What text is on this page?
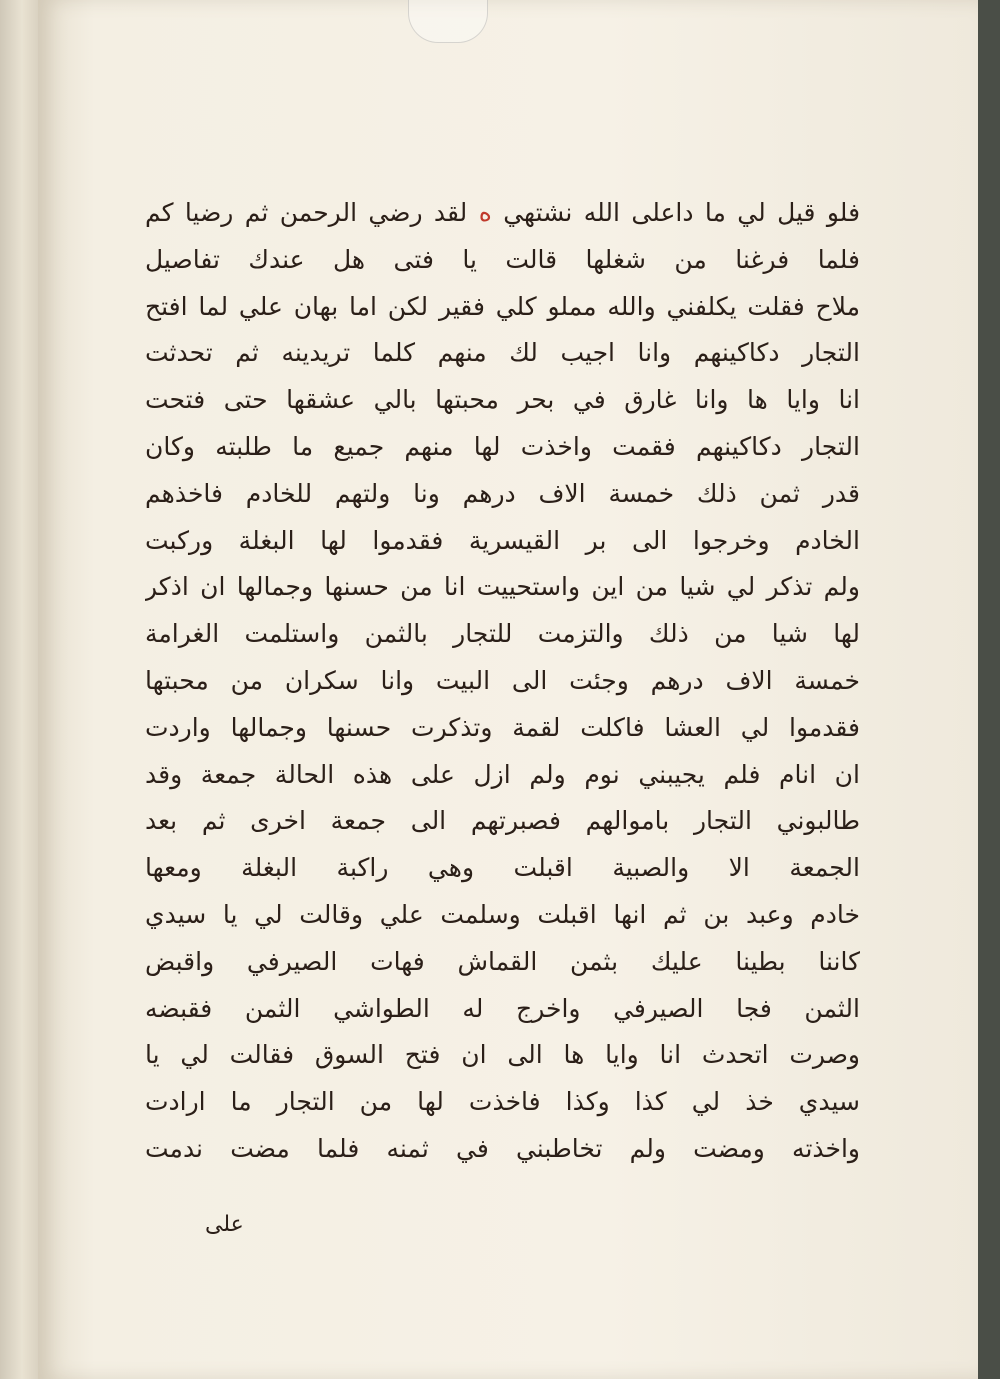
فلو قيل لي ما داعلى الله نشتهي ه لقد رضي الرحمن ثم رضيا كم
فلما فرغنا من شغلها قالت يا فتى هل عندك تفاصيل
ملاح فقلت يكلفني والله مملو كلي فقير لكن اما بهان علي لما افتح
التجار دكاكينهم وانا اجيب لك منهم كلما تريدينه ثم تحدثت
انا وايا ها وانا غارق في بحر محبتها بالي عشقها حتى فتحت
التجار دكاكينهم فقمت واخذت لها منهم جميع ما طلبته وكان
قدر ثمن ذلك خمسة الاف درهم ونا ولتهم للخادم فاخذهم
الخادم وخرجوا الى بر القيسرية فقدموا لها البغلة وركبت
ولم تذكر لي شيا من اين واستحييت انا من حسنها وجمالها ان اذكر
لها شيا من ذلك والتزمت للتجار بالثمن واستلمت الغرامة
خمسة الاف درهم وجئت الى البيت وانا سكران من محبتها
فقدموا لي العشا فاكلت لقمة وتذكرت حسنها وجمالها واردت
ان انام فلم يجيبني نوم ولم ازل على هذه الحالة جمعة وقد
طالبوني التجار باموالهم فصبرتهم الى جمعة اخرى ثم بعد
الجمعة الا والصبية اقبلت وهي راكبة البغلة ومعها
خادم وعبد بن ثم انها اقبلت وسلمت علي وقالت لي يا سيدي
كاننا بطينا عليك بثمن القماش فهات الصيرفي واقبض
الثمن فجا الصيرفي واخرج له الطواشي الثمن فقبضه
وصرت اتحدث انا وايا ها الى ان فتح السوق فقالت لي يا
سيدي خذ لي كذا وكذا فاخذت لها من التجار ما ارادت
واخذته ومضت ولم تخاطبني في ثمنه فلما مضت ندمت
على
